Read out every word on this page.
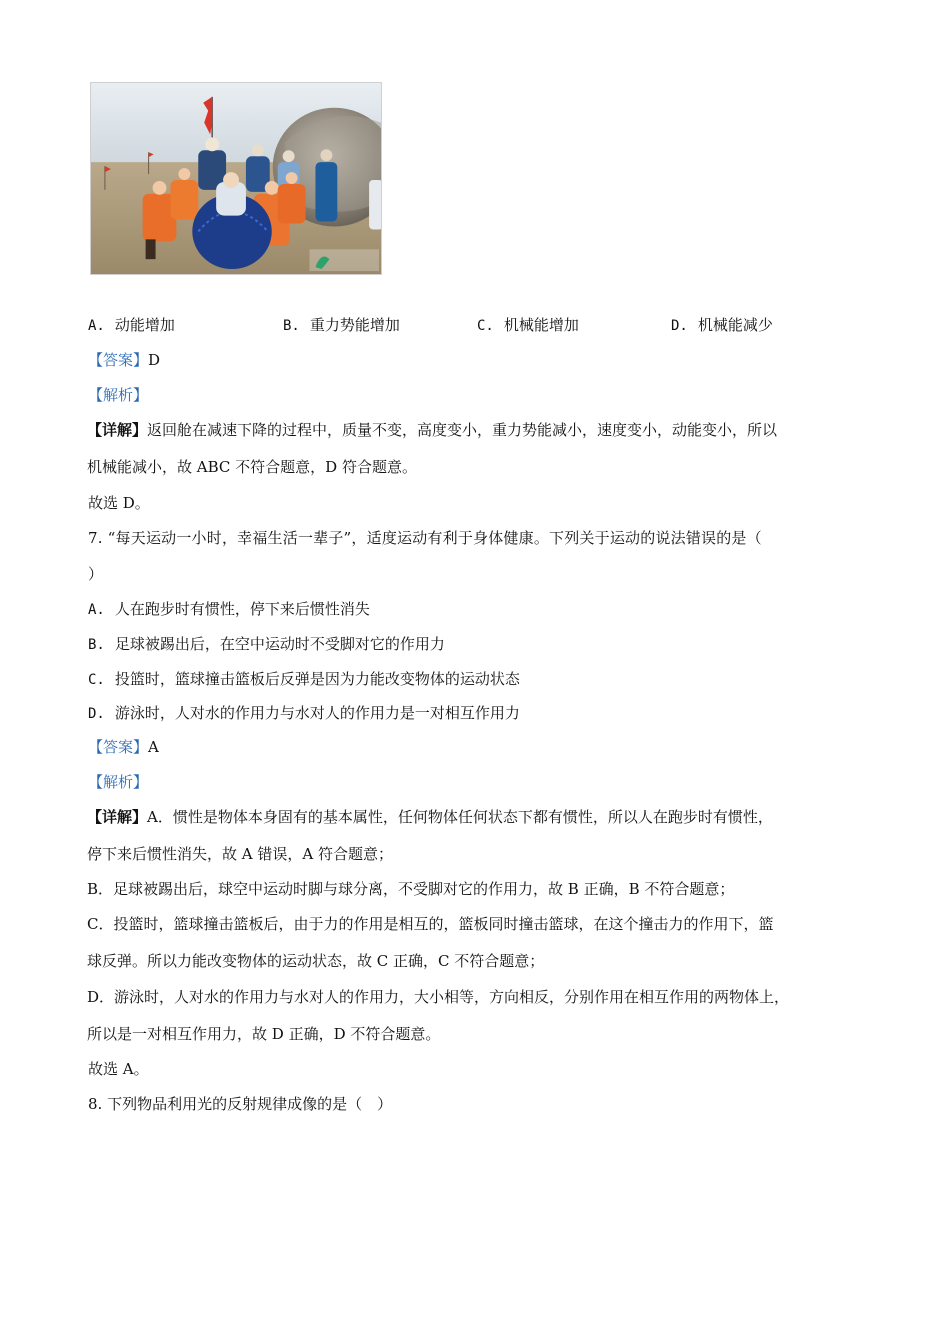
A. 动能增加	B. 重力势能增加	C. 机械能增加	D. 机械能减少
【答案】D
【解析】
【详解】返回舱在减速下降的过程中，质量不变，高度变小，重力势能减小，速度变小，动能变小，所以
机械能减小，故 ABC 不符合题意，D 符合题意。
故选 D。
7. “每天运动一小时，幸福生活一辈子”，适度运动有利于身体健康。下列关于运动的说法错误的是（
）
A. 人在跑步时有惯性，停下来后惯性消失
B. 足球被踢出后，在空中运动时不受脚对它的作用力
C. 投篮时，篮球撞击篮板后反弹是因为力能改变物体的运动状态
D. 游泳时，人对水的作用力与水对人的作用力是一对相互作用力
【答案】A
【解析】
【详解】A．惯性是物体本身固有的基本属性，任何物体任何状态下都有惯性，所以人在跑步时有惯性，
停下来后惯性消失，故 A 错误，A 符合题意；
B．足球被踢出后，球空中运动时脚与球分离，不受脚对它的作用力，故 B 正确，B 不符合题意；
C．投篮时，篮球撞击篮板后，由于力的作用是相互的，篮板同时撞击篮球，在这个撞击力的作用下，篮
球反弹。所以力能改变物体的运动状态，故 C 正确，C 不符合题意；
D．游泳时，人对水的作用力与水对人的作用力，大小相等，方向相反，分别作用在相互作用的两物体上，
所以是一对相互作用力，故 D 正确，D 不符合题意。
故选 A。
8. 下列物品利用光的反射规律成像的是（　）
